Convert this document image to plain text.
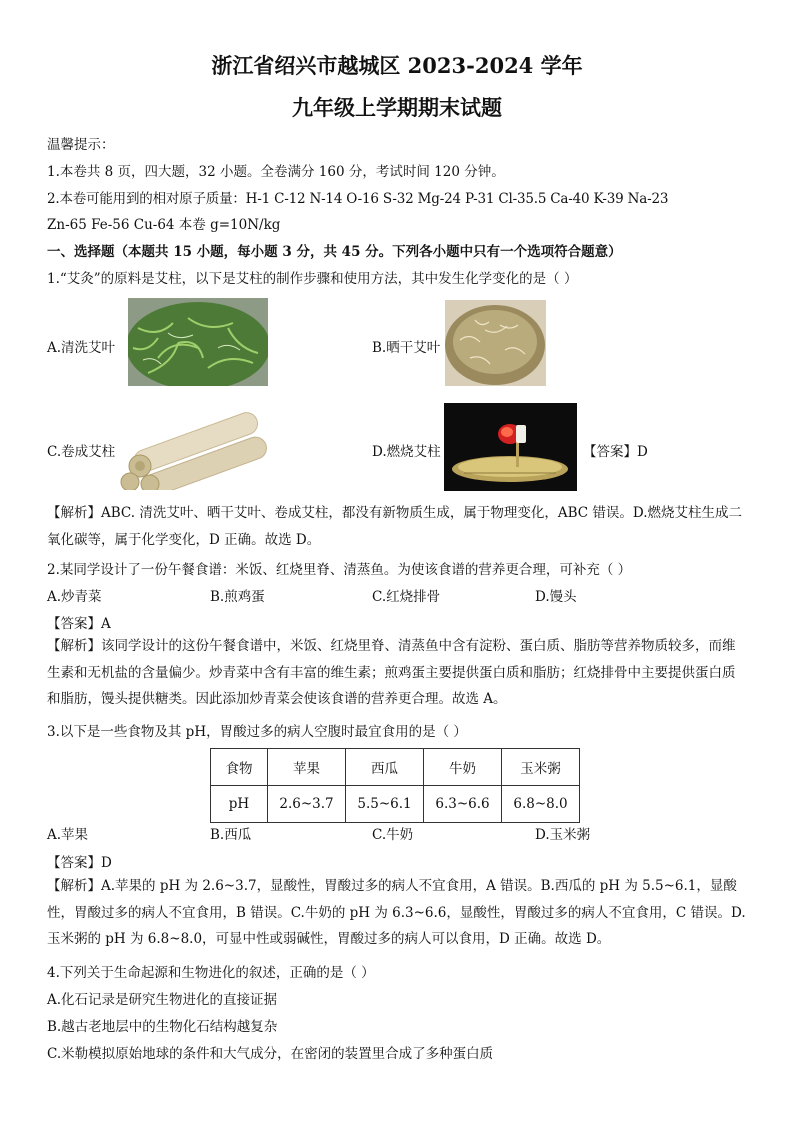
浙江省绍兴市越城区 2023-2024 学年
九年级上学期期末试题
温馨提示：
1.本卷共 8 页，四大题，32 小题。全卷满分 160 分，考试时间 120 分钟。
2.本卷可能用到的相对原子质量：H-1 C-12 N-14 O-16 S-32 Mg-24 P-31 Cl-35.5 Ca-40 K-39 Na-23
Zn-65 Fe-56 Cu-64 本卷 g=10N/kg
一、选择题（本题共 15 小题，每小题 3 分，共 45 分。下列各小题中只有一个选项符合题意）
1.“艾灸”的原料是艾柱，以下是艾柱的制作步骤和使用方法，其中发生化学变化的是（ ）
A.清洗艾叶	B.晒干艾叶
C.卷成艾柱	D.燃烧艾柱	【答案】D
【解析】ABC. 清洗艾叶、晒干艾叶、卷成艾柱，都没有新物质生成，属于物理变化，ABC 错误。D.燃烧艾柱生成二氧化碳等，属于化学变化，D 正确。故选 D。
2.某同学设计了一份午餐食谱：米饭、红烧里脊、清蒸鱼。为使该食谱的营养更合理，可补充（ ）
A.炒青菜	B.煎鸡蛋	C.红烧排骨	D.馒头
【答案】A
【解析】该同学设计的这份午餐食谱中，米饭、红烧里脊、清蒸鱼中含有淀粉、蛋白质、脂肪等营养物质较多，而维生素和无机盐的含量偏少。炒青菜中含有丰富的维生素；煎鸡蛋主要提供蛋白质和脂肪；红烧排骨中主要提供蛋白质和脂肪，馒头提供糖类。因此添加炒青菜会使该食谱的营养更合理。故选 A。
3.以下是一些食物及其 pH，胃酸过多的病人空腹时最宜食用的是（ ）
食物	苹果	西瓜	牛奶	玉米粥
pH	2.6~3.7	5.5~6.1	6.3~6.6	6.8~8.0
A.苹果	B.西瓜	C.牛奶	D.玉米粥
【答案】D
【解析】A.苹果的 pH 为 2.6~3.7，显酸性，胃酸过多的病人不宜食用，A 错误。B.西瓜的 pH 为 5.5~6.1，显酸性，胃酸过多的病人不宜食用，B 错误。C.牛奶的 pH 为 6.3~6.6，显酸性，胃酸过多的病人不宜食用，C 错误。D.玉米粥的 pH 为 6.8~8.0，可显中性或弱碱性，胃酸过多的病人可以食用，D 正确。故选 D。
4.下列关于生命起源和生物进化的叙述，正确的是（ ）
A.化石记录是研究生物进化的直接证据
B.越古老地层中的生物化石结构越复杂
C.米勒模拟原始地球的条件和大气成分，在密闭的装置里合成了多种蛋白质
